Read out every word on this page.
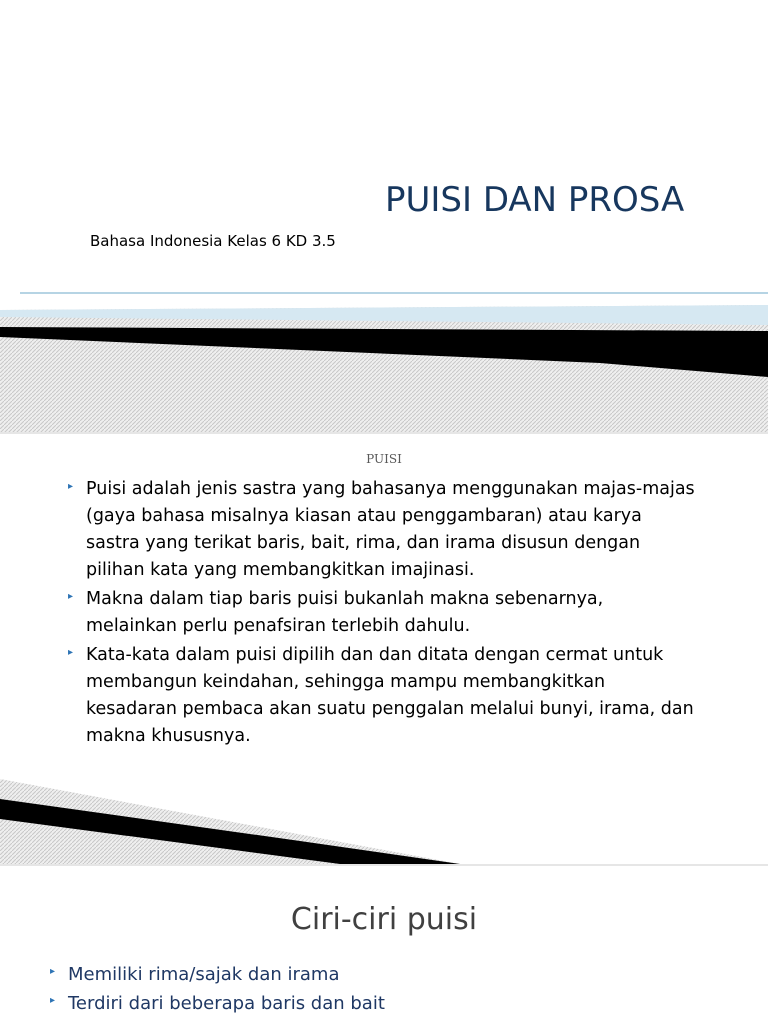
PUISI DAN PROSA
Bahasa Indonesia Kelas 6 KD 3.5
PUISI
▸ Puisi adalah jenis sastra yang bahasanya menggunakan majas-majas (gaya bahasa misalnya kiasan atau penggambaran) atau karya sastra yang terikat baris, bait, rima, dan irama disusun dengan pilihan kata yang membangkitkan imajinasi.
▸ Makna dalam tiap baris puisi bukanlah makna sebenarnya, melainkan perlu penafsiran terlebih dahulu.
▸ Kata-kata dalam puisi dipilih dan dan ditata dengan cermat untuk membangun keindahan, sehingga mampu membangkitkan kesadaran pembaca akan suatu penggalan melalui bunyi, irama, dan makna khususnya.
Ciri-ciri puisi
▸ Memiliki rima/sajak dan irama
▸ Terdiri dari beberapa baris dan bait
